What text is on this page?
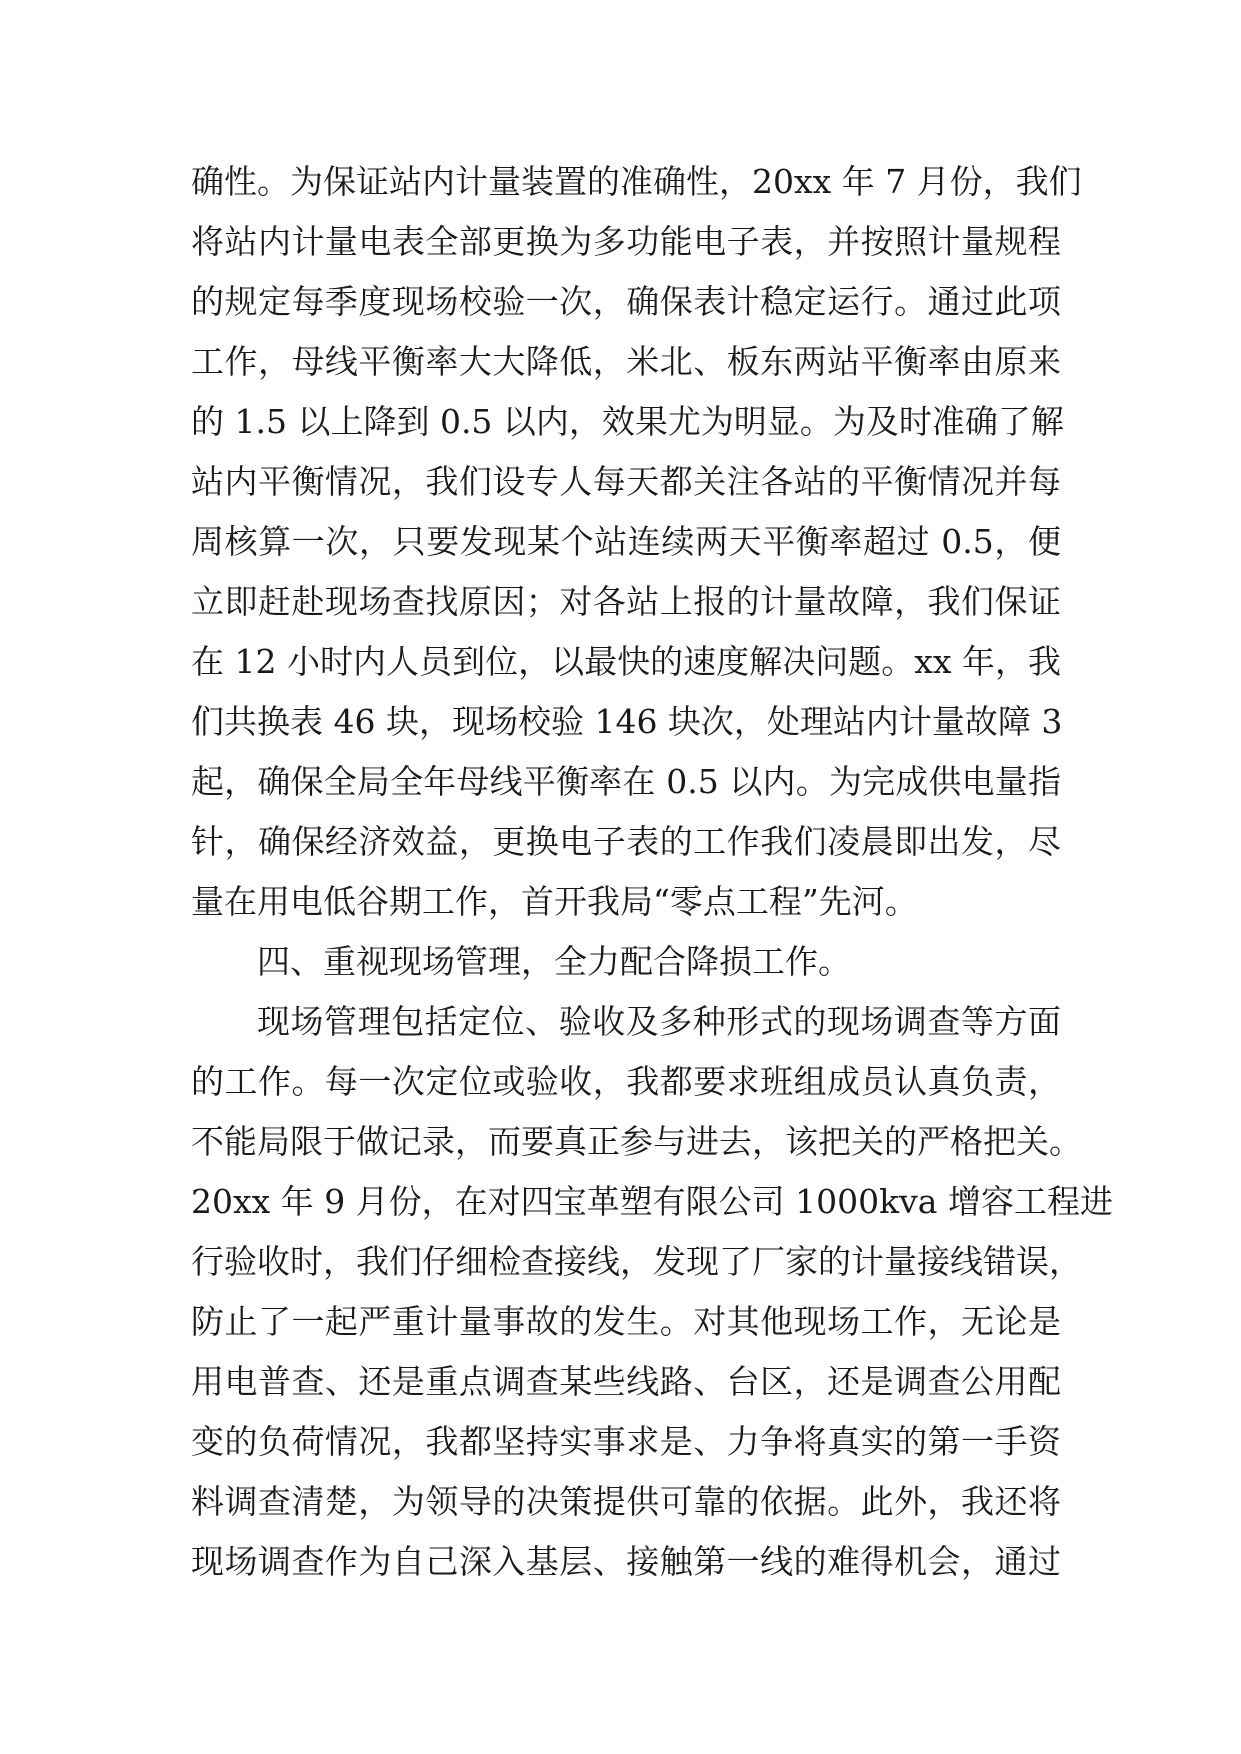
确性。为保证站内计量装置的准确性，20xx 年 7 月份，我们
将站内计量电表全部更换为多功能电子表，并按照计量规程
的规定每季度现场校验一次，确保表计稳定运行。通过此项
工作，母线平衡率大大降低，米北、板东两站平衡率由原来
的 1.5 以上降到 0.5 以内，效果尤为明显。为及时准确了解
站内平衡情况，我们设专人每天都关注各站的平衡情况并每
周核算一次，只要发现某个站连续两天平衡率超过 0.5，便
立即赶赴现场查找原因；对各站上报的计量故障，我们保证
在 12 小时内人员到位，以最快的速度解决问题。xx 年，我
们共换表 46 块，现场校验 146 块次，处理站内计量故障 3
起，确保全局全年母线平衡率在 0.5 以内。为完成供电量指
针，确保经济效益，更换电子表的工作我们凌晨即出发，尽
量在用电低谷期工作，首开我局“零点工程”先河。
四、重视现场管理，全力配合降损工作。
现场管理包括定位、验收及多种形式的现场调查等方面
的工作。每一次定位或验收，我都要求班组成员认真负责，
不能局限于做记录，而要真正参与进去，该把关的严格把关。
20xx 年 9 月份，在对四宝革塑有限公司 1000kva 增容工程进
行验收时，我们仔细检查接线，发现了厂家的计量接线错误，
防止了一起严重计量事故的发生。对其他现场工作，无论是
用电普查、还是重点调查某些线路、台区，还是调查公用配
变的负荷情况，我都坚持实事求是、力争将真实的第一手资
料调查清楚，为领导的决策提供可靠的依据。此外，我还将
现场调查作为自己深入基层、接触第一线的难得机会，通过
